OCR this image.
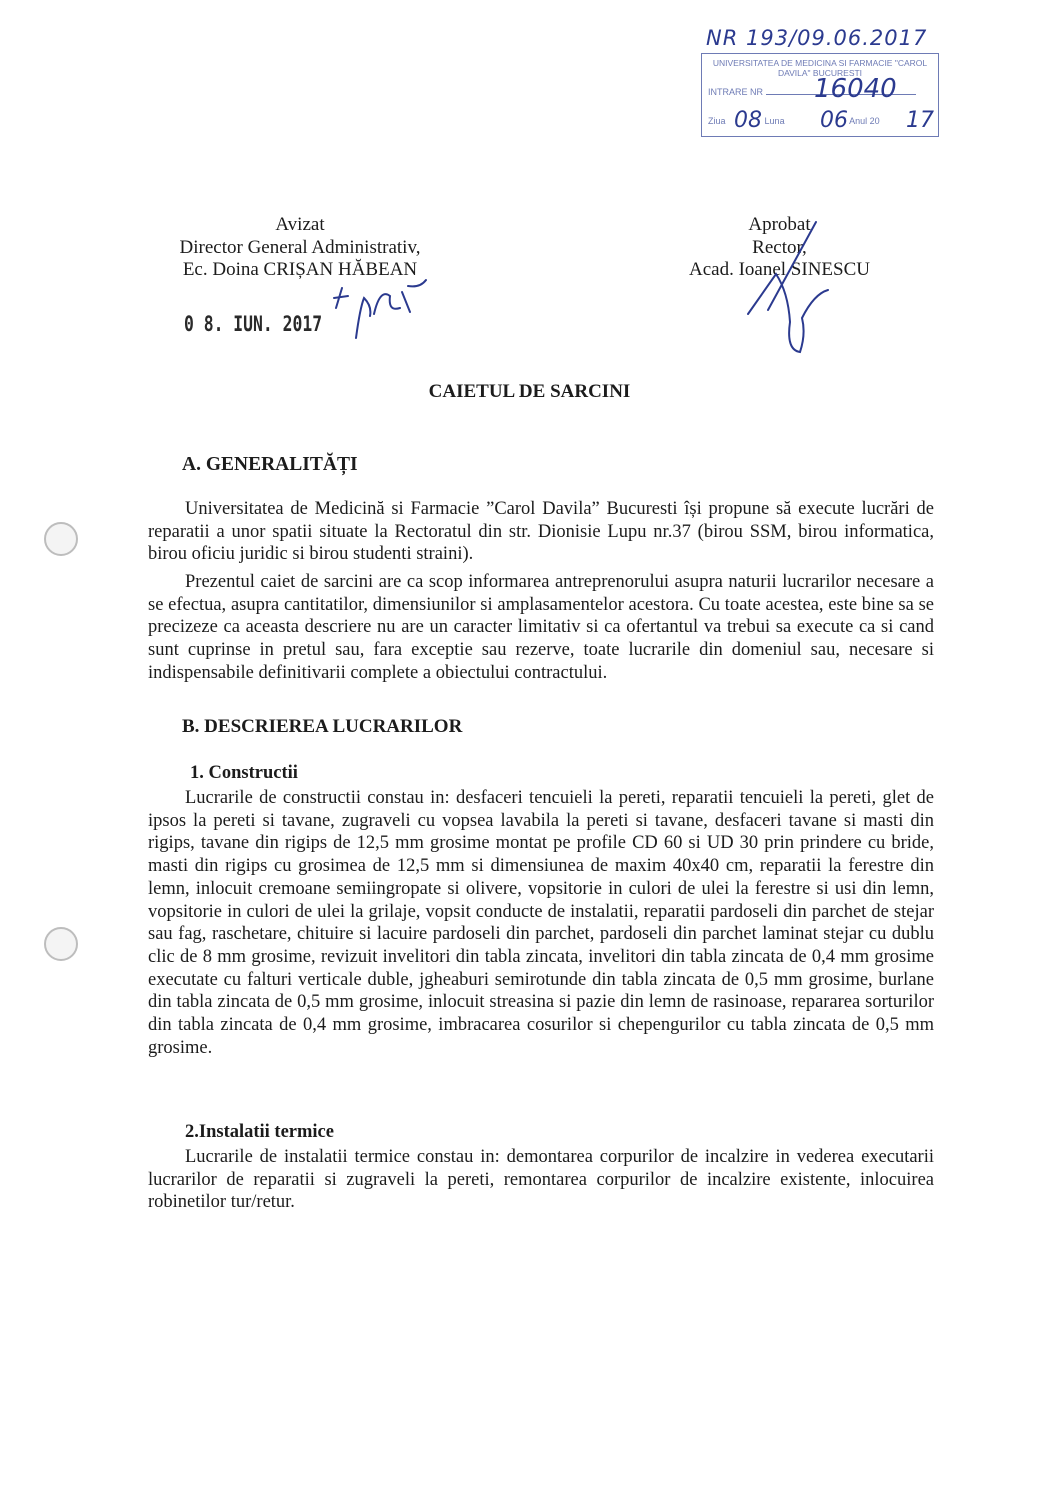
NR 193/09.06.2017
UNIVERSITATEA DE MEDICINA SI FARMACIE "CAROL DAVILA" BUCURESTI
INTRARE NR	16040
Ziua	Luna	Anul 20
08	06	17
Avizat
Director General Administrativ,
Ec. Doina CRIȘAN HĂBEAN
0 8. IUN. 2017
Aprobat
Rector,
Acad. Ioanel SINESCU
CAIETUL DE SARCINI
A. GENERALITĂȚI
Universitatea de Medicină si Farmacie ”Carol Davila” Bucuresti își propune să execute lucrări de reparatii a unor spatii situate la Rectoratul din str. Dionisie Lupu nr.37 (birou SSM, birou informatica, birou oficiu juridic si birou studenti straini).
Prezentul caiet de sarcini are ca scop informarea antreprenorului asupra naturii lucrarilor necesare a se efectua, asupra cantitatilor, dimensiunilor si amplasamentelor acestora. Cu toate acestea, este bine sa se precizeze ca aceasta descriere nu are un caracter limitativ si ca ofertantul va trebui sa execute ca si cand sunt cuprinse in pretul sau, fara exceptie sau rezerve, toate lucrarile din domeniul sau, necesare si indispensabile definitivarii complete a obiectului contractului.
B. DESCRIEREA LUCRARILOR
1. Constructii
Lucrarile de constructii constau in: desfaceri tencuieli la pereti, reparatii tencuieli la pereti, glet de ipsos la pereti si tavane, zugraveli cu vopsea lavabila la pereti si tavane, desfaceri tavane si masti din rigips, tavane din rigips de 12,5 mm grosime montat pe profile CD 60 si UD 30 prin prindere cu bride, masti din rigips cu grosimea de 12,5 mm si dimensiunea de maxim 40x40 cm, reparatii la ferestre din lemn, inlocuit cremoane semiingropate si olivere, vopsitorie in culori de ulei la ferestre si usi din lemn, vopsitorie in culori de ulei la grilaje, vopsit conducte de instalatii, reparatii pardoseli din parchet de stejar sau fag, raschetare, chituire si lacuire pardoseli din parchet, pardoseli din parchet laminat stejar cu dublu clic de 8 mm grosime, revizuit invelitori din tabla zincata, invelitori din tabla zincata de 0,4 mm grosime executate cu falturi verticale duble, jgheaburi semirotunde din tabla zincata de 0,5 mm grosime, burlane din tabla zincata de 0,5 mm grosime, inlocuit streasina si pazie din lemn de rasinoase, repararea sorturilor din tabla zincata de 0,4 mm grosime, imbracarea cosurilor si chepengurilor cu tabla zincata de 0,5 mm grosime.
2.Instalatii termice
Lucrarile de instalatii termice constau in: demontarea corpurilor de incalzire in vederea executarii lucrarilor de reparatii si zugraveli la pereti, remontarea corpurilor de incalzire existente, inlocuirea robinetilor tur/retur.
